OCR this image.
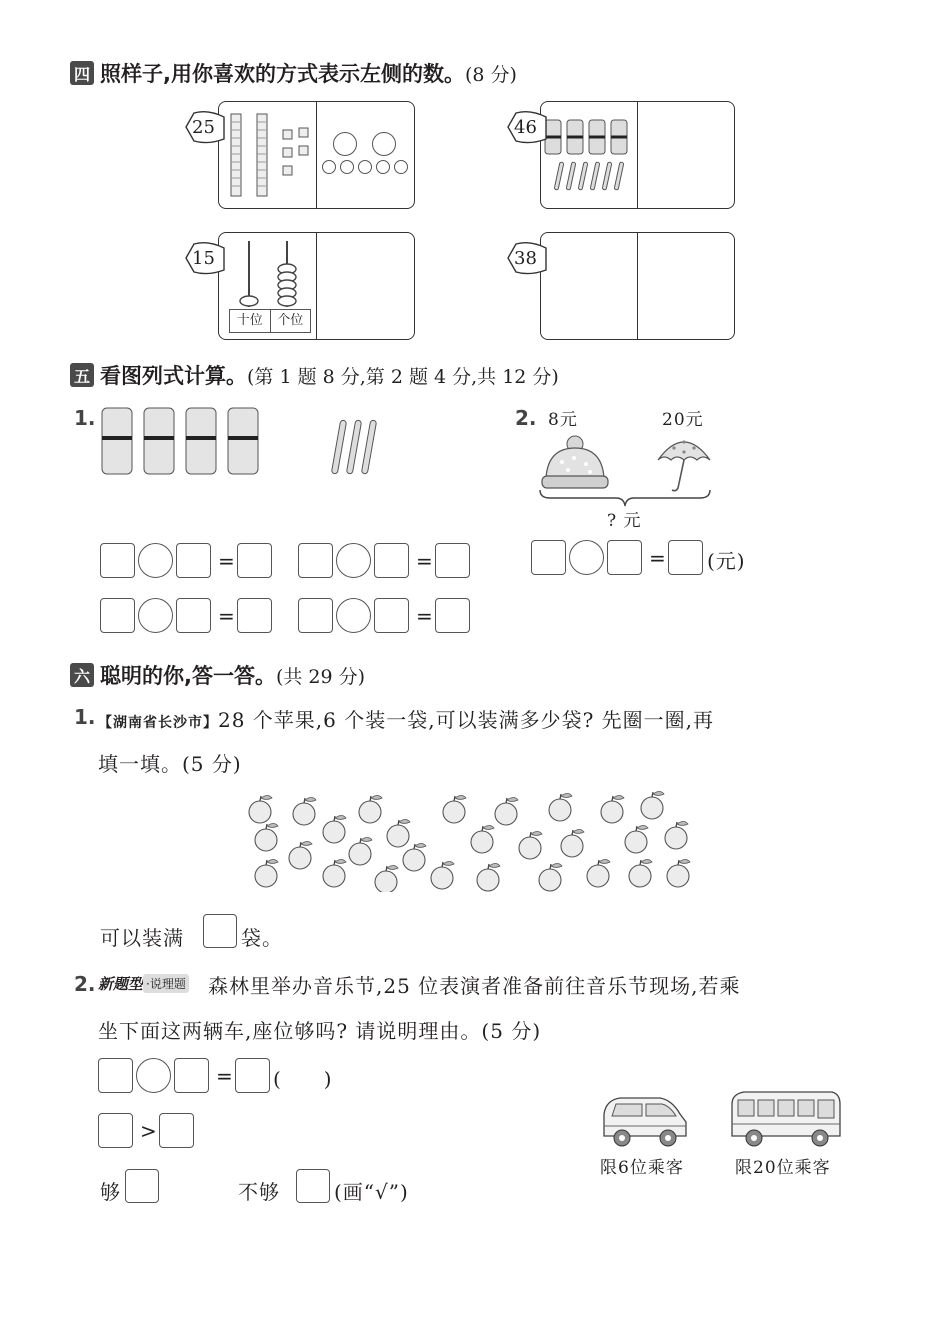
四 照样子,用你喜欢的方式表示左侧的数。 (8 分)
25	46
十位	个位
15	38
五 看图列式计算。 (第 1 题 8 分,第 2 题 4 分,共 12 分)
1.
=	=
=	=
2. 8元	20元
? 元
= (元)
六 聪明的你,答一答。 (共 29 分)
1. 【湖南省长沙市】28 个苹果,6 个装一袋,可以装满多少袋? 先圈一圈,再
填一填。(5 分)
可以装满	袋。
2. 新题型 ·说理题 森林里举办音乐节,25 位表演者准备前往音乐节现场,若乘
坐下面这两辆车,座位够吗? 请说明理由。(5 分)
= (　　)
>
够	不够	(画“√”)
限6位乘客	限20位乘客
